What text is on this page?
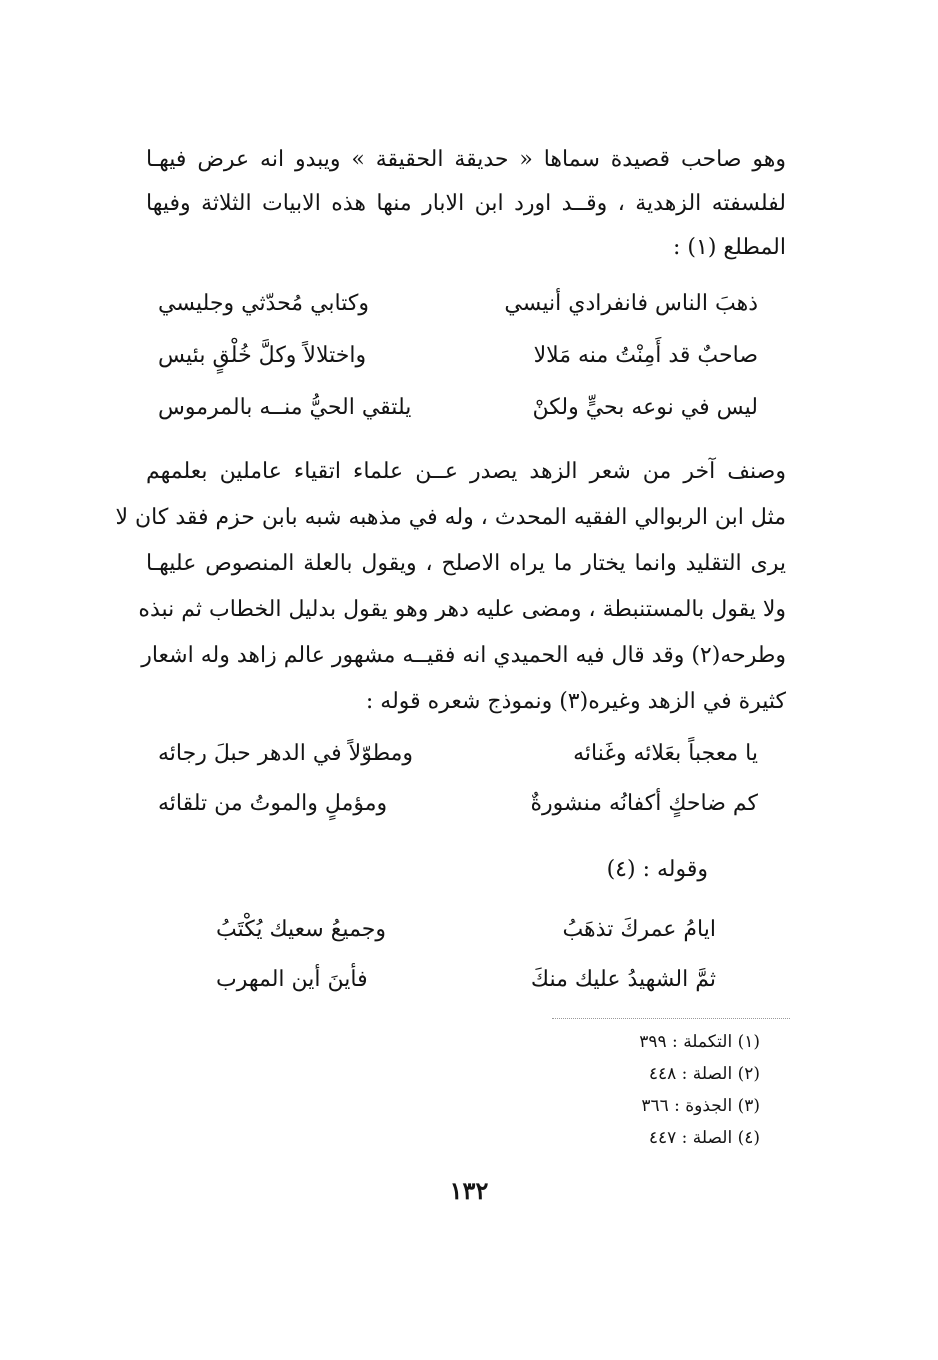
وهو صاحب قصيدة سماها « حديقة الحقيقة » ويبدو انه عرض فيهـا
لفلسفته الزهدية ، وقــد اورد ابن الابار منها هذه الابيات الثلاثة وفيها
المطلع (١) :
ذهبَ الناس فانفرادي أنيسي
وكتابي مُحدّثي وجليسي
صاحبٌ قد أَمِنْتُ منه مَلالا
واختلالاً وكلَّ خُلْقٍ بئيس
ليس في نوعه بحيٍّ ولكنْ
يلتقي الحيُّ منــه بالمرموس
وصنف آخر من شعر الزهد يصدر عــن علماء اتقياء عاملين بعلمهم
مثل ابن الربوالي الفقيه المحدث ، وله في مذهبه شبه بابن حزم فقد كان لا
يرى التقليد وانما يختار ما يراه الاصلح ، ويقول بالعلة المنصوص عليهـا
ولا يقول بالمستنبطة ، ومضى عليه دهر وهو يقول بدليل الخطاب ثم نبذه
وطرحه(٢) وقد قال فيه الحميدي انه فقيــه مشهور عالم زاهد وله اشعار
كثيرة في الزهد وغيره(٣) ونموذج شعره قوله :
يا معجباً بعَلائه وغَنائه
ومطوّلاً في الدهر حبلَ رجائه
كم ضاحكٍ أكفانُه منشورةٌ
ومؤملٍ والموتُ من تلقائه
وقوله : (٤)
ايامُ عمركَ تذهَبُ
وجميعُ سعيك يُكْتَبُ
ثمَّ الشهيدُ عليك منكَ
فأينَ أين المهرب
(١) التكملة : ٣٩٩
(٢) الصلة : ٤٤٨
(٣) الجذوة : ٣٦٦
(٤) الصلة : ٤٤٧
١٣٢
